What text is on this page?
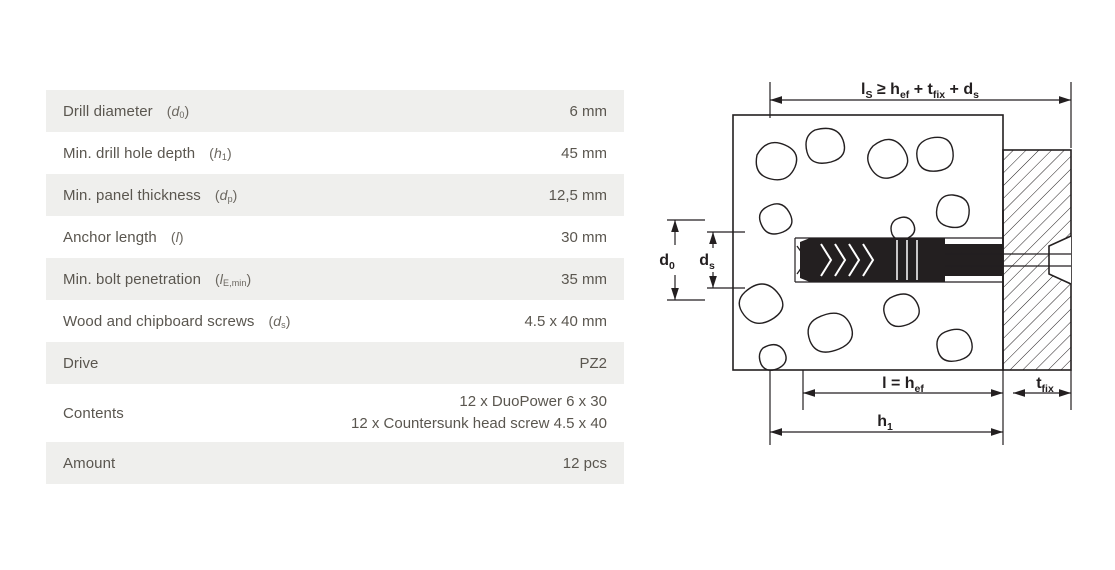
Drill diameter $(d_0)$	6 mm
Min. drill hole depth $(h_1)$	45 mm
Min. panel thickness $(d_p)$	12,5 mm
Anchor length (l)	30 mm
Min. bolt penetration $(l_{E,min})$	35 mm
Wood and chipboard screws $(d_s)$	4.5 x 40 mm
Drive	PZ2
Contents	12 x DuoPower 6 x 30
12 x Countersunk head screw 4.5 x 40

Amount	12 pcs
$l_S \ge h_{ef} + t_{fix} + d_s$
$d_0$ $d_s$
$l = h_{ef}$	$t_{fix}$
$h_1$
